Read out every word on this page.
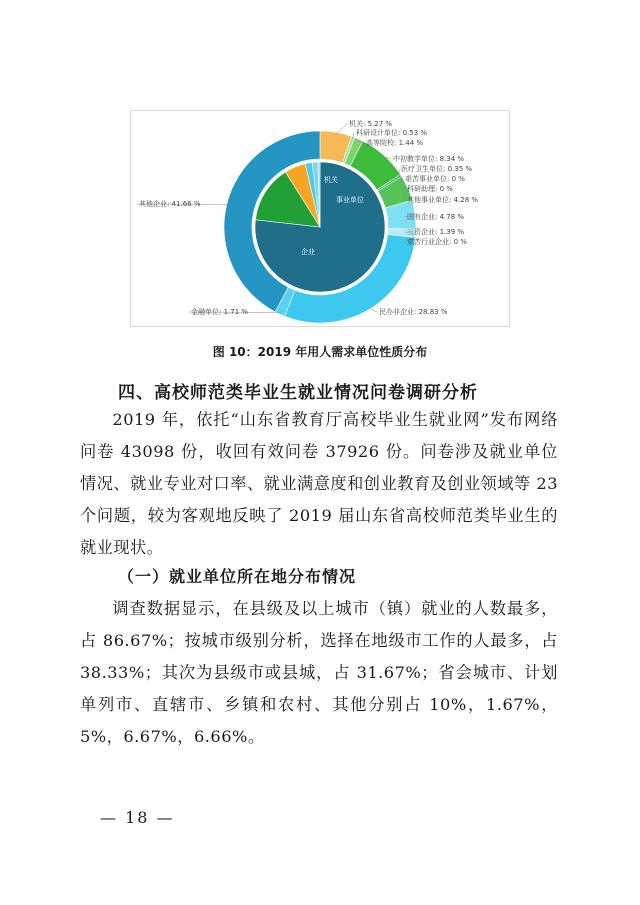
企业
事业单位
机关
机关: 5.27 %
科研设计单位: 0.53 %
高等院校: 1.44 %
中初教学单位: 8.34 %
医疗卫生单位: 0.35 %
艰苦事业单位: 0 %
科研助理: 0 %
其他事业单位: 4.28 %
国有企业: 4.78 %
三资企业: 1.39 %
艰苦行业企业: 0 %
民办非企业: 28.83 %
金融单位: 1.71 %
其他企业: 41.66 %
图 10：2019 年用人需求单位性质分布
四、高校师范类毕业生就业情况问卷调研分析

2019 年，依托“山东省教育厅高校毕业生就业网”发布网络问卷 43098 份，收回有效问卷 37926 份。问卷涉及就业单位情况、就业专业对口率、就业满意度和创业教育及创业领域等 23 个问题，较为客观地反映了 2019 届山东省高校师范类毕业生的就业现状。

（一）就业单位所在地分布情况

调查数据显示，在县级及以上城市（镇）就业的人数最多，占 86.67%；按城市级别分析，选择在地级市工作的人最多，占 38.33%；其次为县级市或县城，占 31.67%；省会城市、计划单列市、直辖市、乡镇和农村、其他分别占 10%，1.67%，5%，6.67%，6.66%。

— 18 —
